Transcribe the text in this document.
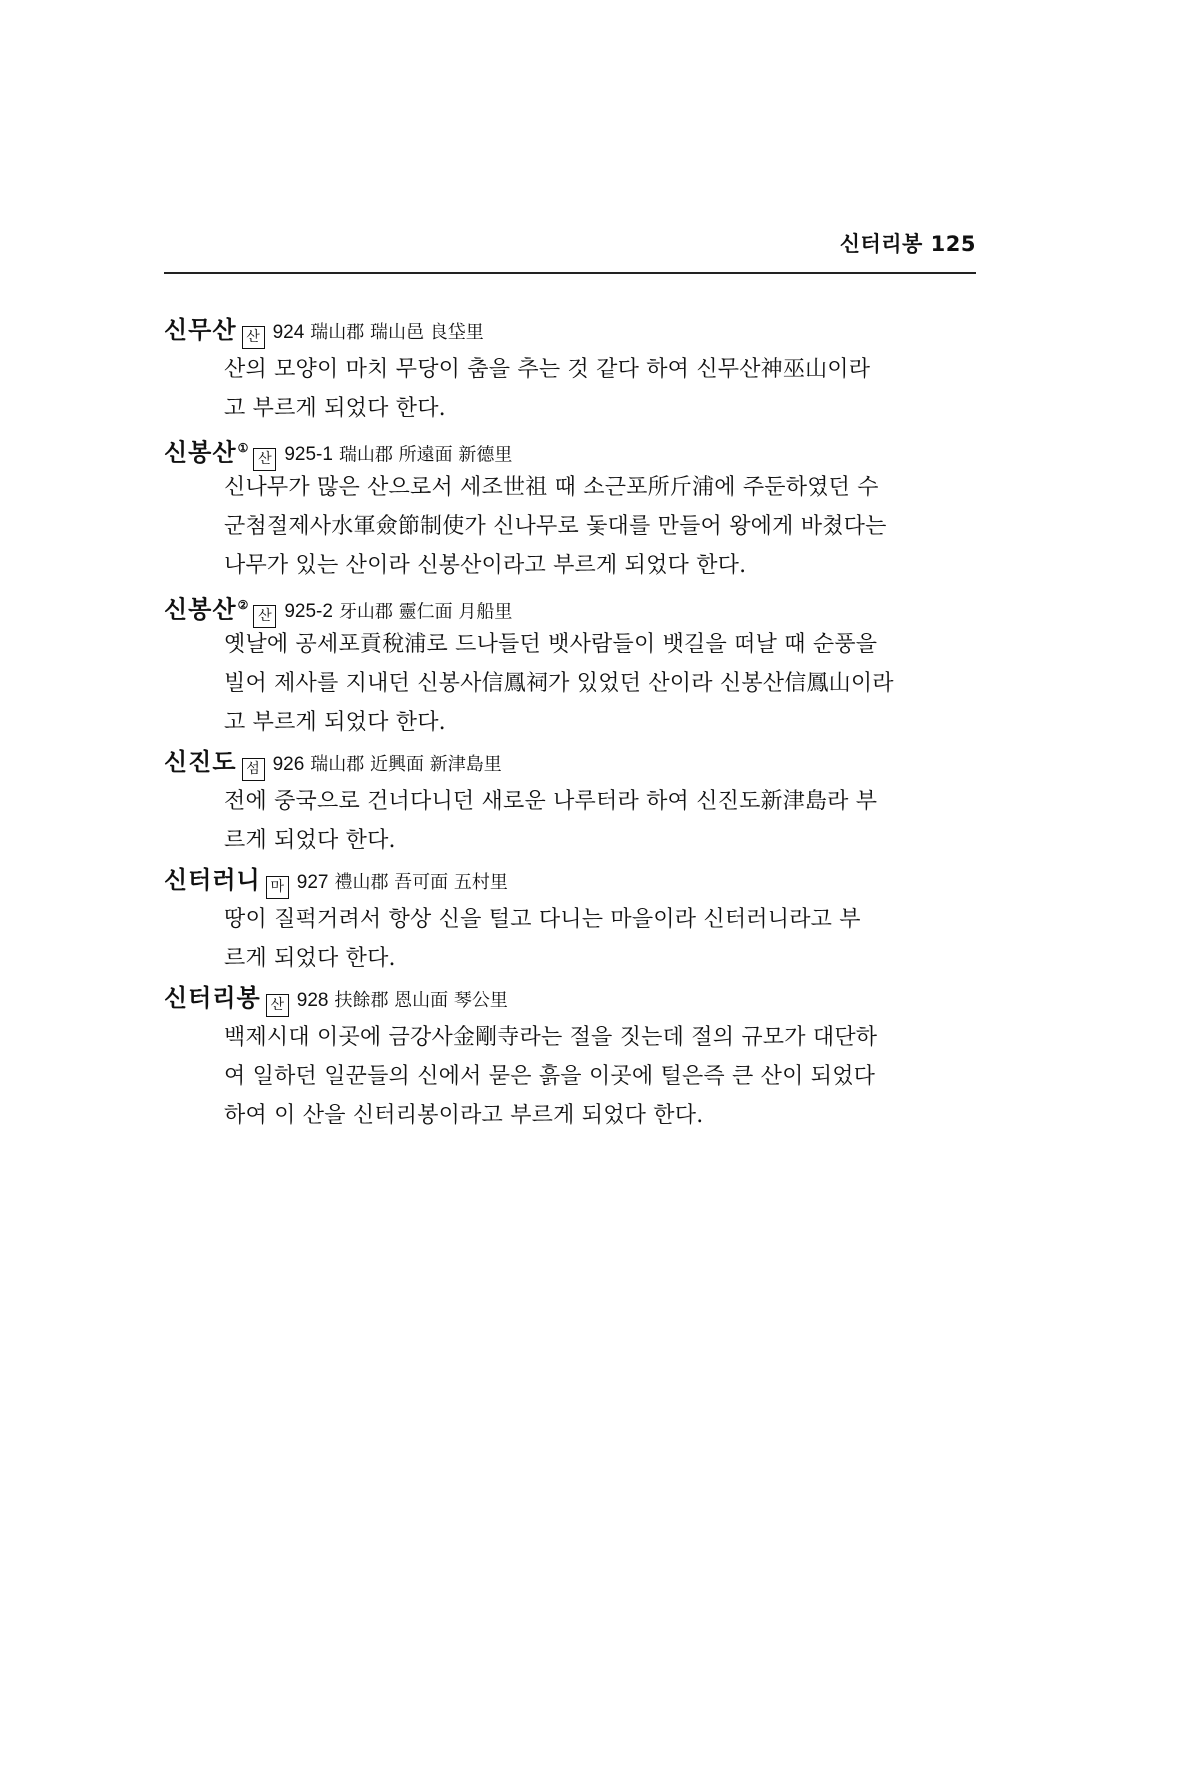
신터리봉 125
신무산 산 924 瑞山郡 瑞山邑 良垈里
산의 모양이 마치 무당이 춤을 추는 것 같다 하여 신무산神巫山이라
고 부르게 되었다 한다.
신봉산①산 925-1 瑞山郡 所遠面 新德里
신나무가 많은 산으로서 세조世祖 때 소근포所斤浦에 주둔하였던 수
군첨절제사水軍僉節制使가 신나무로 돛대를 만들어 왕에게 바쳤다는
나무가 있는 산이라 신봉산이라고 부르게 되었다 한다.
신봉산②산 925-2 牙山郡 靈仁面 月船里
옛날에 공세포貢稅浦로 드나들던 뱃사람들이 뱃길을 떠날 때 순풍을
빌어 제사를 지내던 신봉사信鳳祠가 있었던 산이라 신봉산信鳳山이라
고 부르게 되었다 한다.
신진도 섬 926 瑞山郡 近興面 新津島里
전에 중국으로 건너다니던 새로운 나루터라 하여 신진도新津島라 부
르게 되었다 한다.
신터러니 마 927 禮山郡 吾可面 五村里
땅이 질퍽거려서 항상 신을 털고 다니는 마을이라 신터러니라고 부
르게 되었다 한다.
신터리봉 산 928 扶餘郡 恩山面 琴公里
백제시대 이곳에 금강사金剛寺라는 절을 짓는데 절의 규모가 대단하
여 일하던 일꾼들의 신에서 묻은 흙을 이곳에 털은즉 큰 산이 되었다
하여 이 산을 신터리봉이라고 부르게 되었다 한다.
